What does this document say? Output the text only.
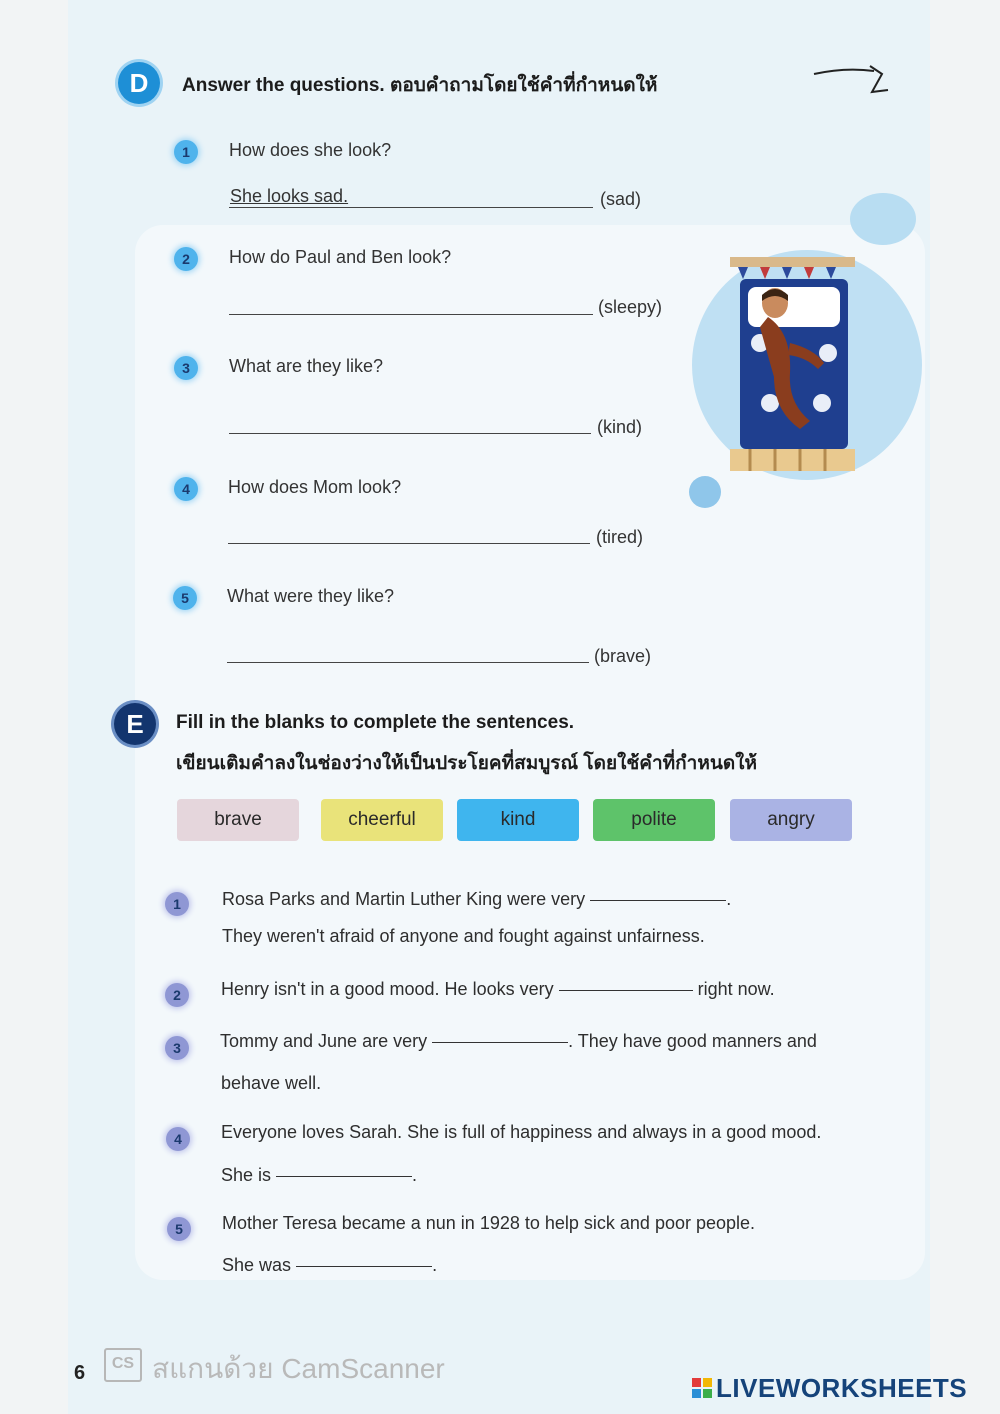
D	Answer the questions. ตอบคำถามโดยใช้คำที่กำหนดให้
1	How does she look?
She looks sad.	(sad)
2	How do Paul and Ben look?
(sleepy)
3	What are they like?
(kind)
4	How does Mom look?
(tired)
5	What were they like?
(brave)
E	Fill in the blanks to complete the sentences.
เขียนเติมคำลงในช่องว่างให้เป็นประโยคที่สมบูรณ์ โดยใช้คำที่กำหนดให้
brave	cheerful	kind	polite	angry
1	Rosa Parks and Martin Luther King were very	.
They weren't afraid of anyone and fought against unfairness.
2	Henry isn't in a good mood. He looks very	right now.
3	Tommy and June are very	. They have good manners and
behave well.
4	Everyone loves Sarah. She is full of happiness and always in a good mood.
She is	.
5	Mother Teresa became a nun in 1928 to help sick and poor people.
She was	.
6	CS สแกนด้วย CamScanner
LIVEWORKSHEETS
